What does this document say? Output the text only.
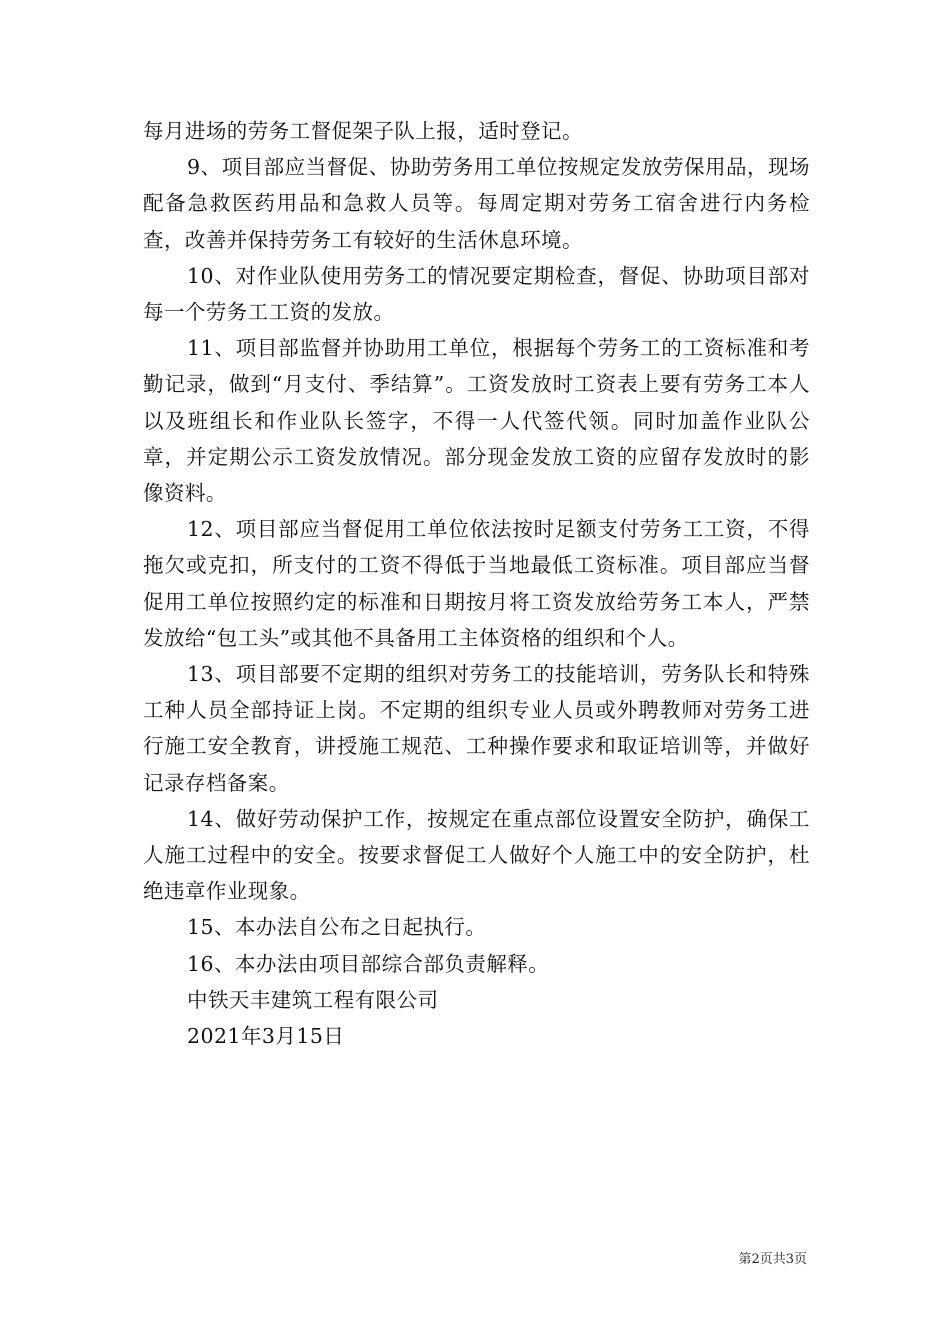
每月进场的劳务工督促架子队上报，适时登记。

9、项目部应当督促、协助劳务用工单位按规定发放劳保用品，现场配备急救医药用品和急救人员等。每周定期对劳务工宿舍进行内务检查，改善并保持劳务工有较好的生活休息环境。

10、对作业队使用劳务工的情况要定期检查，督促、协助项目部对每一个劳务工工资的发放。

11、项目部监督并协助用工单位，根据每个劳务工的工资标准和考勤记录，做到“月支付、季结算”。工资发放时工资表上要有劳务工本人以及班组长和作业队长签字，不得一人代签代领。同时加盖作业队公章，并定期公示工资发放情况。部分现金发放工资的应留存发放时的影像资料。

12、项目部应当督促用工单位依法按时足额支付劳务工工资，不得拖欠或克扣，所支付的工资不得低于当地最低工资标准。项目部应当督促用工单位按照约定的标准和日期按月将工资发放给劳务工本人，严禁发放给“包工头”或其他不具备用工主体资格的组织和个人。

13、项目部要不定期的组织对劳务工的技能培训，劳务队长和特殊工种人员全部持证上岗。不定期的组织专业人员或外聘教师对劳务工进行施工安全教育，讲授施工规范、工种操作要求和取证培训等，并做好记录存档备案。

14、做好劳动保护工作，按规定在重点部位设置安全防护，确保工人施工过程中的安全。按要求督促工人做好个人施工中的安全防护，杜绝违章作业现象。

15、本办法自公布之日起执行。

16、本办法由项目部综合部负责解释。

中铁天丰建筑工程有限公司

2021年3月15日

第2页共3页
